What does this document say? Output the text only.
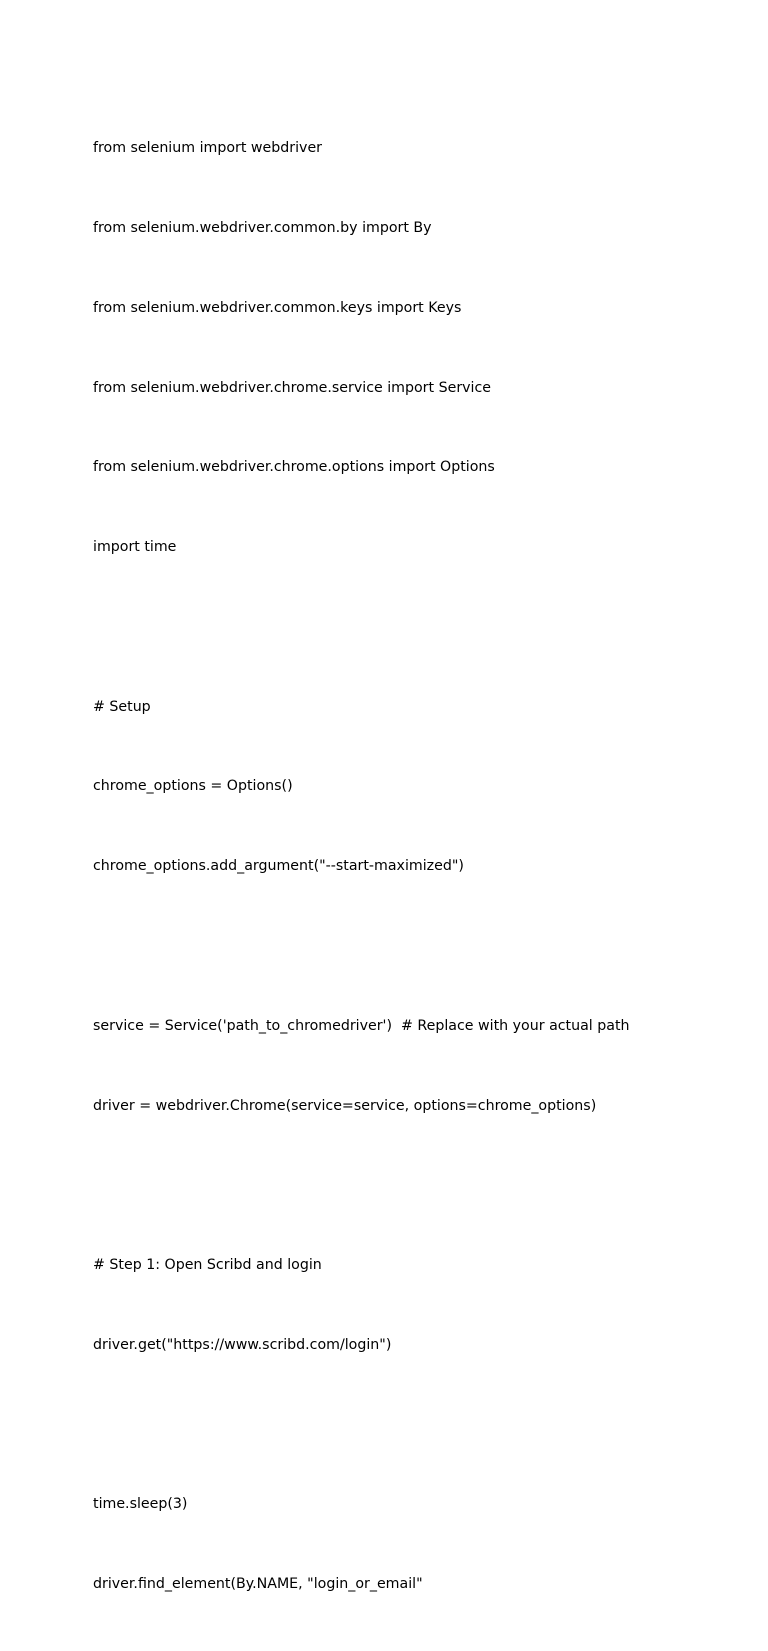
from selenium import webdriver

from selenium.webdriver.common.by import By

from selenium.webdriver.common.keys import Keys

from selenium.webdriver.chrome.service import Service

from selenium.webdriver.chrome.options import Options

import time

# Setup

chrome_options = Options()

chrome_options.add_argument("--start-maximized")

service = Service('path_to_chromedriver')  # Replace with your actual path

driver = webdriver.Chrome(service=service, options=chrome_options)

# Step 1: Open Scribd and login

driver.get("https://www.scribd.com/login")

time.sleep(3)

driver.find_element(By.NAME, "login_or_email"
